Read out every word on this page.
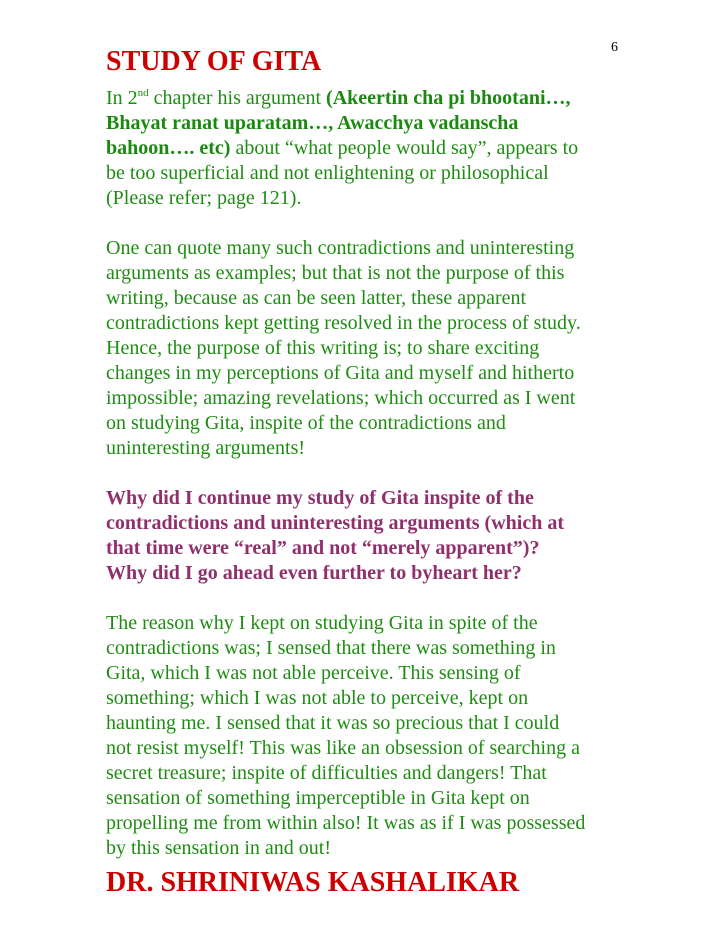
6
STUDY OF GITA

In 2nd chapter his argument (Akeertin cha pi bhootani…,
Bhayat ranat uparatam…, Awacchya vadanscha
bahoon…. etc) about “what people would say”, appears to
be too superficial and not enlightening or philosophical
(Please refer; page 121).

One can quote many such contradictions and uninteresting
arguments as examples; but that is not the purpose of this
writing, because as can be seen latter, these apparent
contradictions kept getting resolved in the process of study.
Hence, the purpose of this writing is; to share exciting
changes in my perceptions of Gita and myself and hitherto
impossible; amazing revelations; which occurred as I went
on studying Gita, inspite of the contradictions and
uninteresting arguments!

Why did I continue my study of Gita inspite of the
contradictions and uninteresting arguments (which at
that time were “real” and not “merely apparent”)?
Why did I go ahead even further to byheart her?

The reason why I kept on studying Gita in spite of the
contradictions was; I sensed that there was something in
Gita, which I was not able perceive. This sensing of
something; which I was not able to perceive, kept on
haunting me. I sensed that it was so precious that I could
not resist myself! This was like an obsession of searching a
secret treasure; inspite of difficulties and dangers! That
sensation of something imperceptible in Gita kept on
propelling me from within also! It was as if I was possessed
by this sensation in and out!

DR. SHRINIWAS KASHALIKAR
